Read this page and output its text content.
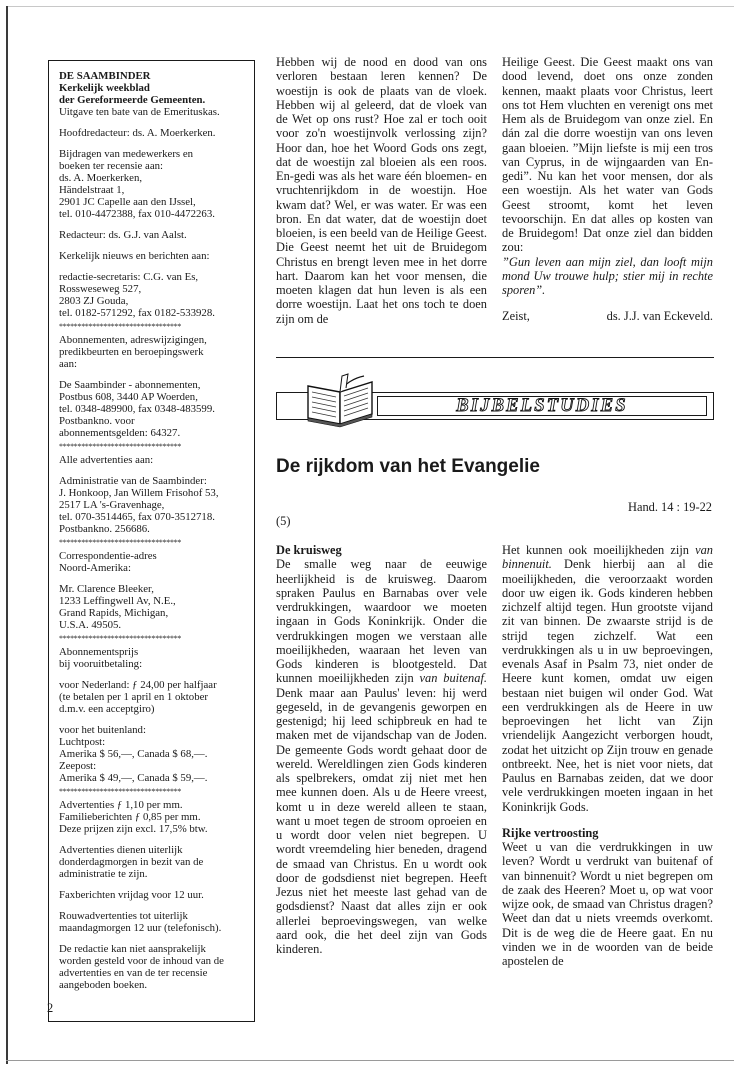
DE SAAMBINDER

Kerkelijk weekblad

der Gereformeerde Gemeenten.

Uitgave ten bate van de Emerituskas.

Hoofdredacteur: ds. A. Moerkerken.

Bijdragen van medewerkers en
boeken ter recensie aan:
ds. A. Moerkerken,
Händelstraat 1,
2901 JC Capelle aan den IJssel,
tel. 010-4472388, fax 010-4472263.

Redacteur: ds. G.J. van Aalst.

Kerkelijk nieuws en berichten aan:

redactie-secretaris: C.G. van Es,
Rossweseweg 527,
2803 ZJ Gouda,
tel. 0182-571292, fax 0182-533928.

*********************************

Abonnementen, adreswijzigingen,
predikbeurten en beroepingswerk
aan:

De Saambinder - abonnementen,
Postbus 608, 3440 AP Woerden,
tel. 0348-489900, fax 0348-483599.
Postbankno. voor
abonnementsgelden: 64327.

*********************************

Alle advertenties aan:

Administratie van de Saambinder:
J. Honkoop, Jan Willem Frisohof 53,
2517 LA 's-Gravenhage,
tel. 070-3514465, fax 070-3512718.
Postbankno. 256686.

*********************************

Correspondentie-adres
Noord-Amerika:

Mr. Clarence Bleeker,
1233 Leffingwell Av, N.E.,
Grand Rapids, Michigan,
U.S.A. 49505.

*********************************

Abonnementsprijs
bij vooruitbetaling:

voor Nederland: ƒ 24,00 per halfjaar
(te betalen per 1 april en 1 oktober
d.m.v. een acceptgiro)

voor het buitenland:
Luchtpost:
Amerika $ 56,—, Canada $ 68,—.
Zeepost:
Amerika $ 49,—, Canada $ 59,—.

*********************************

Advertenties ƒ 1,10 per mm.
Familieberichten ƒ 0,85 per mm.
Deze prijzen zijn excl. 17,5% btw.

Advertenties dienen uiterlijk
donderdagmorgen in bezit van de
administratie te zijn.

Faxberichten vrijdag voor 12 uur.

Rouwadvertenties tot uiterlijk
maandagmorgen 12 uur (telefonisch).

De redactie kan niet aansprakelijk
worden gesteld voor de inhoud van de
advertenties en van de ter recensie
aangeboden boeken.

Hebben wij de nood en dood van ons verloren bestaan leren kennen? De woestijn is ook de plaats van de vloek. Hebben wij al geleerd, dat de vloek van de Wet op ons rust? Hoe zal er toch ooit voor zo'n woestijnvolk verlossing zijn? Hoor dan, hoe het Woord Gods ons zegt, dat de woestijn zal bloeien als een roos. En-gedi was als het ware één bloemen- en vruchtenrijkdom in de woestijn. Hoe kwam dat? Wel, er was water. Er was een bron. En dat water, dat de woestijn doet bloeien, is een beeld van de Heilige Geest. Die Geest neemt het uit de Bruidegom Christus en brengt leven mee in het dorre hart. Daarom kan het voor mensen, die moeten klagen dat hun leven is als een dorre woestijn. Laat het ons toch te doen zijn om de

Heilige Geest. Die Geest maakt ons van dood levend, doet ons onze zonden kennen, maakt plaats voor Christus, leert ons tot Hem vluchten en verenigt ons met Hem als de Bruidegom van onze ziel. En dán zal die dorre woestijn van ons leven gaan bloeien. ”Mijn liefste is mij een tros van Cyprus, in de wijngaarden van En-gedi”. Nu kan het voor mensen, dor als een woestijn. Als het water van Gods Geest stroomt, komt het leven tevoorschijn. En dat alles op kosten van de Bruidegom! Dat onze ziel dan bidden zou:

”Gun leven aan mijn ziel, dan looft mijn mond Uw trouwe hulp; stier mij in rechte sporen”.

Zeist,	ds. J.J. van Eckeveld.

BIJBELSTUDIES
De rijkdom van het Evangelie
Hand. 14 : 19-22
(5)

De kruisweg

De smalle weg naar de eeuwige heerlijkheid is de kruisweg. Daarom spraken Paulus en Barnabas over vele verdrukkingen, waardoor we moeten ingaan in Gods Koninkrijk. Onder die verdrukkingen mogen we verstaan alle moeilijkheden, waaraan het leven van Gods kinderen is blootgesteld. Dat kunnen moeilijkheden zijn van buitenaf. Denk maar aan Paulus' leven: hij werd gegeseld, in de gevangenis geworpen en gestenigd; hij leed schipbreuk en had te maken met de vijandschap van de Joden. De gemeente Gods wordt gehaat door de wereld. Wereldlingen zien Gods kinderen als spelbrekers, omdat zij niet met hen mee kunnen doen. Als u de Heere vreest, komt u in deze wereld alleen te staan, want u moet tegen de stroom oproeien en u wordt door velen niet begrepen. U wordt vreemdeling hier beneden, dragend de smaad van Christus. En u wordt ook door de godsdienst niet begrepen. Heeft Jezus niet het meeste last gehad van de godsdienst? Naast dat alles zijn er ook allerlei beproevingswegen, van welke aard ook, die het deel zijn van Gods kinderen.

Het kunnen ook moeilijkheden zijn van binnenuit. Denk hierbij aan al die moeilijkheden, die veroorzaakt worden door uw eigen ik. Gods kinderen hebben zichzelf altijd tegen. Hun grootste vijand zit van binnen. De zwaarste strijd is de strijd tegen zichzelf. Wat een verdrukkingen als u in uw beproevingen, evenals Asaf in Psalm 73, niet onder de Heere kunt komen, omdat uw eigen bestaan niet buigen wil onder God. Wat een verdrukkingen als de Heere in uw beproevingen het licht van Zijn vriendelijk Aangezicht verborgen houdt, zodat het uitzicht op Zijn trouw en genade ontbreekt. Nee, het is niet voor niets, dat Paulus en Barnabas zeiden, dat we door vele verdrukkingen moeten ingaan in het Koninkrijk Gods.

Rijke vertroosting

Weet u van die verdrukkingen in uw leven? Wordt u verdrukt van buitenaf of van binnenuit? Wordt u niet begrepen om de zaak des Heeren? Moet u, op wat voor wijze ook, de smaad van Christus dragen? Weet dan dat u niets vreemds overkomt. Dit is de weg die de Heere gaat. En nu vinden we in de woorden van de beide apostelen de

2
